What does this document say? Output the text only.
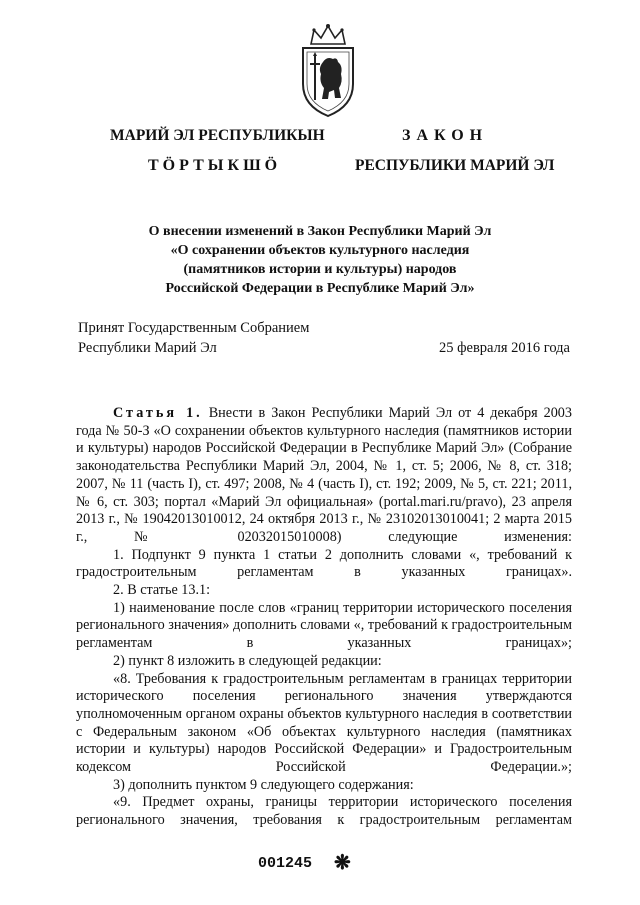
МАРИЙ ЭЛ РЕСПУБЛИКЫН
ТӦРТЫКШӦ
ЗАКОН
РЕСПУБЛИКИ МАРИЙ ЭЛ
О внесении изменений в Закон Республики Марий Эл
«О сохранении объектов культурного наследия
(памятников истории и культуры) народов
Российской Федерации в Республике Марий Эл»
Принят Государственным Собранием
Республики Марий Эл	25 февраля 2016 года

Статья 1. Внести в Закон Республики Марий Эл от 4 декабря 2003 года № 50-З «О сохранении объектов культурного наследия (памятников истории и культуры) народов Российской Федерации в Республике Марий Эл» (Собрание законодательства Республики Марий Эл, 2004, № 1, ст. 5; 2006, № 8, ст. 318; 2007, № 11 (часть I), ст. 497; 2008, № 4 (часть I), ст. 192; 2009, № 5, ст. 221; 2011, № 6, ст. 303; портал «Марий Эл официальная» (portal.mari.ru/pravo), 23 апреля 2013 г., № 19042013010012, 24 октября 2013 г., № 23102013010041; 2 марта 2015 г., № 02032015010008) следующие изменения:

1. Подпункт 9 пункта 1 статьи 2 дополнить словами «, требований к градостроительным регламентам в указанных границах».

2. В статье 13.1:

1) наименование после слов «границ территории исторического поселения регионального значения» дополнить словами «, требований к градостроительным регламентам в указанных границах»;

2) пункт 8 изложить в следующей редакции:

«8. Требования к градостроительным регламентам в границах территории исторического поселения регионального значения утверждаются уполномоченным органом охраны объектов культурного наследия в соответствии с Федеральным законом «Об объектах культурного наследия (памятниках истории и культуры) народов Российской Федерации» и Градостроительным кодексом Российской Федерации.»;

3) дополнить пунктом 9 следующего содержания:

«9. Предмет охраны, границы территории исторического поселения регионального значения, требования к градостроительным регламентам

001245 ❋
